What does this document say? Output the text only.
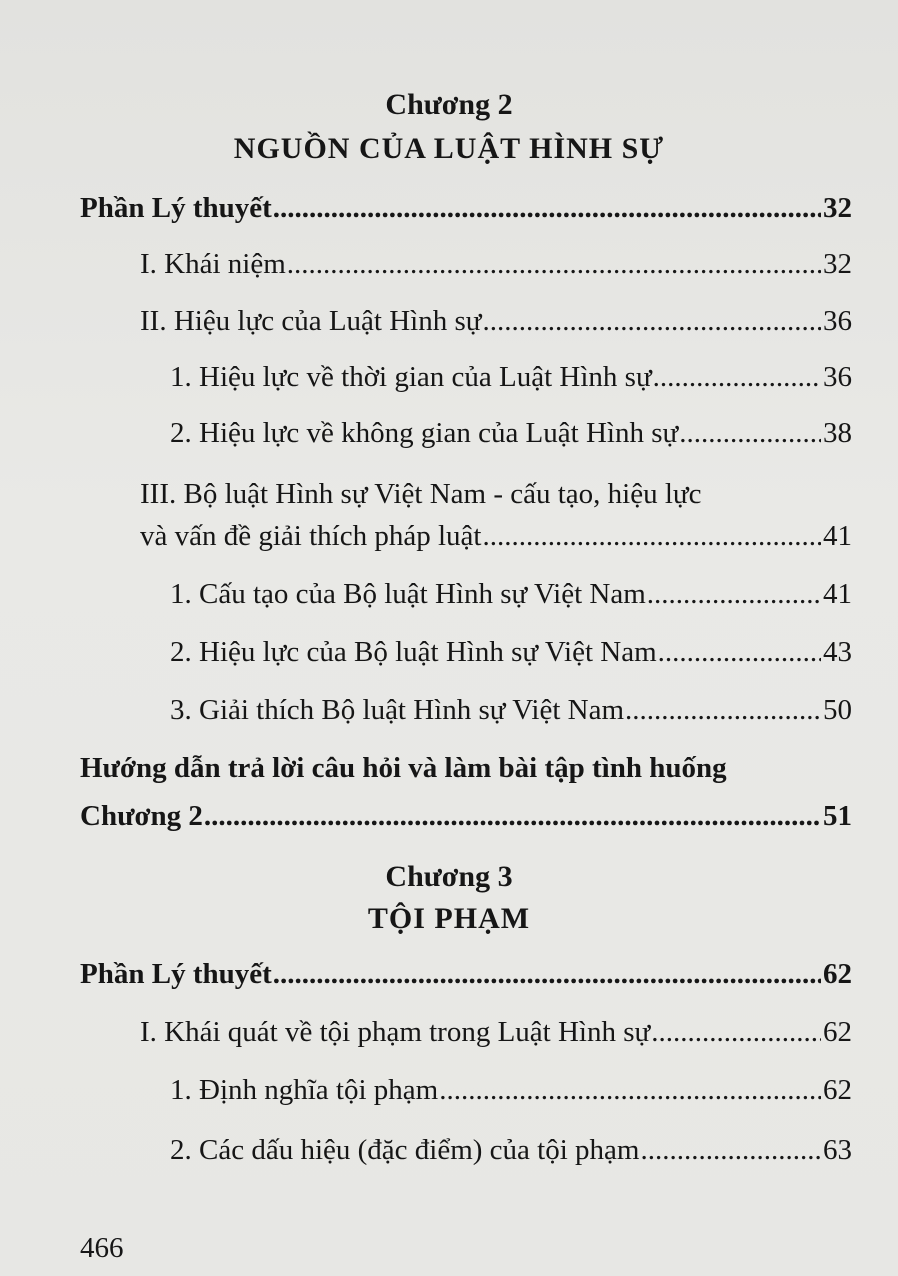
Chương 2
NGUỒN CỦA LUẬT HÌNH SỰ
Phần Lý thuyết .....	32
I. Khái niệm .....	32
II. Hiệu lực của Luật Hình sự .....	36
1. Hiệu lực về thời gian của Luật Hình sự .....	36
2. Hiệu lực về không gian của Luật Hình sự .....	38
III. Bộ luật Hình sự Việt Nam - cấu tạo, hiệu lực
và vấn đề giải thích pháp luật .....	41
1. Cấu tạo của Bộ luật Hình sự Việt Nam .....	41
2. Hiệu lực của Bộ luật Hình sự Việt Nam .....	43
3. Giải thích Bộ luật Hình sự Việt Nam .....	50
Hướng dẫn trả lời câu hỏi và làm bài tập tình huống
Chương 2 .....	51
Chương 3
TỘI PHẠM
Phần Lý thuyết .....	62
I. Khái quát về tội phạm trong Luật Hình sự .....	62
1. Định nghĩa tội phạm .....	62
2. Các dấu hiệu (đặc điểm) của tội phạm .....	63
466
